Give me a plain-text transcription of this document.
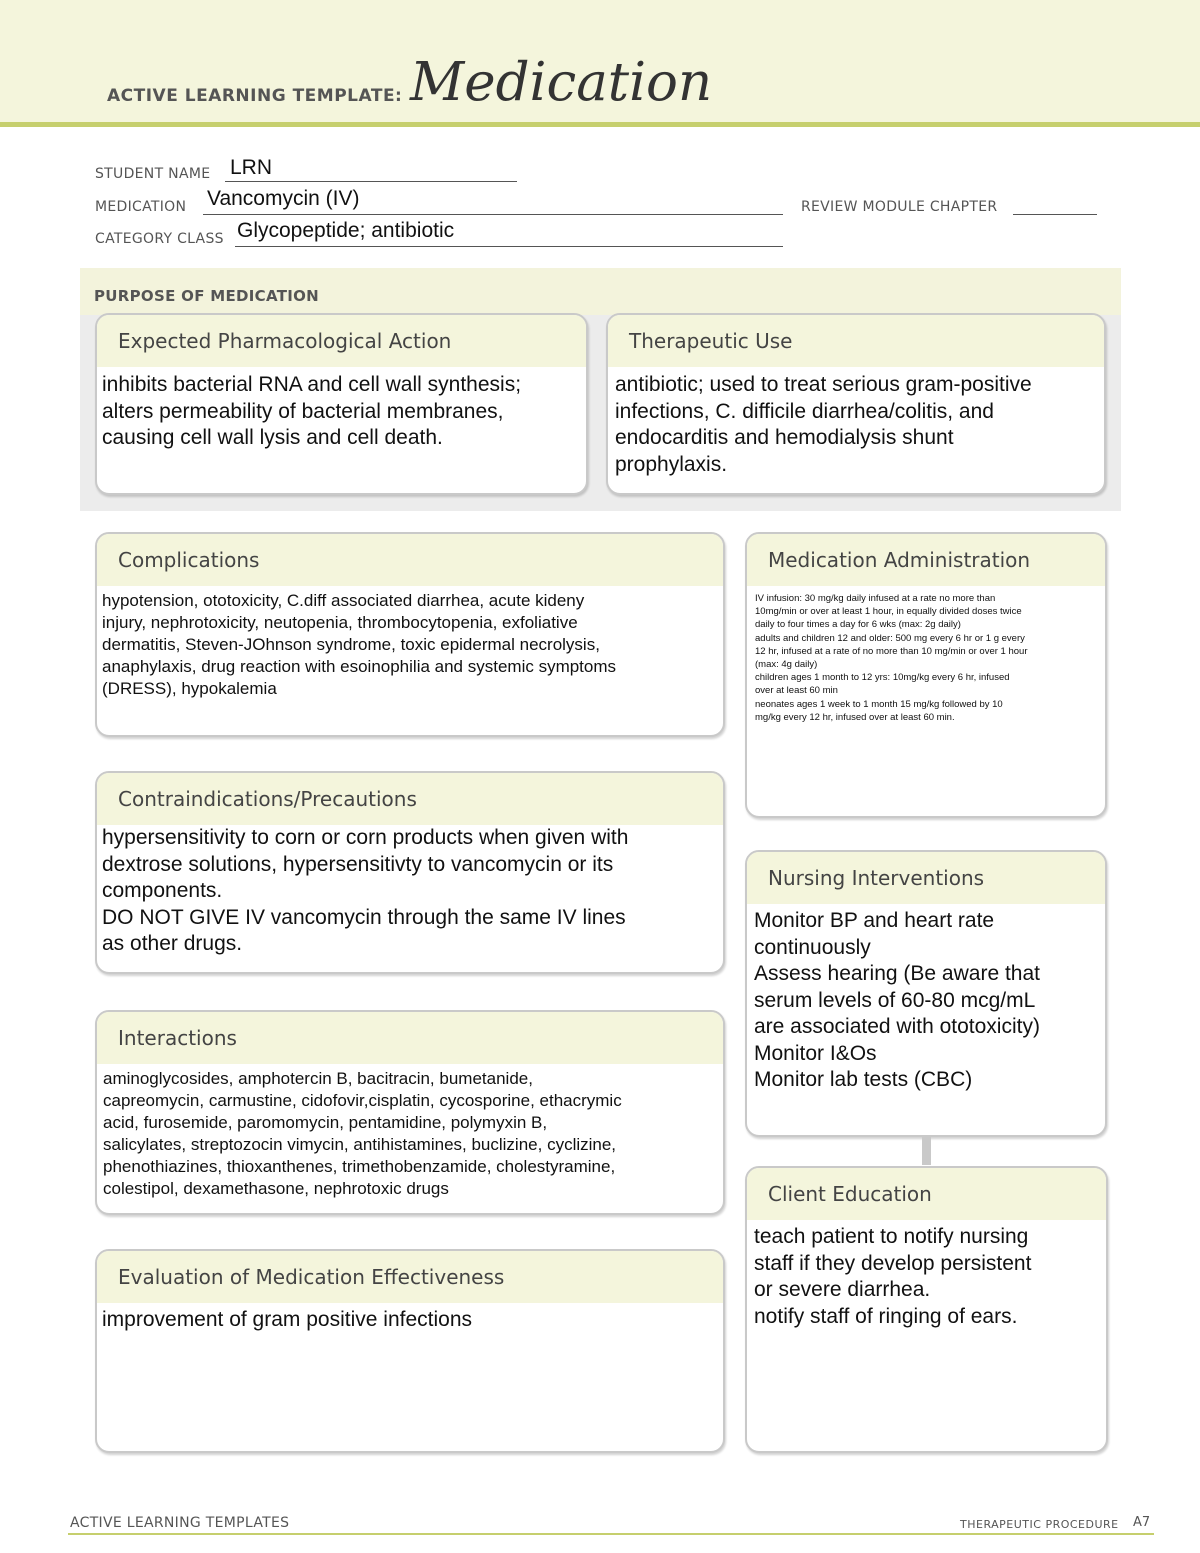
ACTIVE LEARNING TEMPLATE: Medication
STUDENT NAME LRN
MEDICATION Vancomycin (IV)	REVIEW MODULE CHAPTER
CATEGORY CLASS Glycopeptide; antibiotic
PURPOSE OF MEDICATION
Expected Pharmacological Action
inhibits bacterial RNA and cell wall synthesis;
alters permeability of bacterial membranes,
causing cell wall lysis and cell death.
Therapeutic Use
antibiotic; used to treat serious gram-positive
infections, C. difficile diarrhea/colitis, and
endocarditis and hemodialysis shunt
prophylaxis.
Complications
hypotension, ototoxicity, C.diff associated diarrhea, acute kideny
injury, nephrotoxicity, neutopenia, thrombocytopenia, exfoliative
dermatitis, Steven-JOhnson syndrome, toxic epidermal necrolysis,
anaphylaxis, drug reaction with esoinophilia and systemic symptoms
(DRESS), hypokalemia
Medication Administration
IV infusion: 30 mg/kg daily infused at a rate no more than
10mg/min or over at least 1 hour, in equally divided doses twice
daily to four times a day for 6 wks (max: 2g daily)
adults and children 12 and older: 500 mg every 6 hr or 1 g every
12 hr, infused at a rate of no more than 10 mg/min or over 1 hour
(max: 4g daily)
children ages 1 month to 12 yrs: 10mg/kg every 6 hr, infused
over at least 60 min
neonates ages 1 week to 1 month 15 mg/kg followed by 10
mg/kg every 12 hr, infused over at least 60 min.
Contraindications/Precautions
hypersensitivity to corn or corn products when given with
dextrose solutions, hypersensitivty to vancomycin or its
components.
DO NOT GIVE IV vancomycin through the same IV lines
as other drugs.
Nursing Interventions
Monitor BP and heart rate
continuously
Assess hearing (Be aware that
serum levels of 60-80 mcg/mL
are associated with ototoxicity)
Monitor I&Os
Monitor lab tests (CBC)
Interactions
aminoglycosides, amphotercin B, bacitracin, bumetanide,
capreomycin, carmustine, cidofovir,cisplatin, cycosporine, ethacrymic
acid, furosemide, paromomycin, pentamidine, polymyxin B,
salicylates, streptozocin vimycin, antihistamines, buclizine, cyclizine,
phenothiazines, thioxanthenes, trimethobenzamide, cholestyramine,
colestipol, dexamethasone, nephrotoxic drugs	Client Education
teach patient to notify nursing
staff if they develop persistent
or severe diarrhea.
notify staff of ringing of ears.
Evaluation of Medication Effectiveness
improvement of gram positive infections
ACTIVE LEARNING TEMPLATES	THERAPEUTIC PROCEDURE A7
